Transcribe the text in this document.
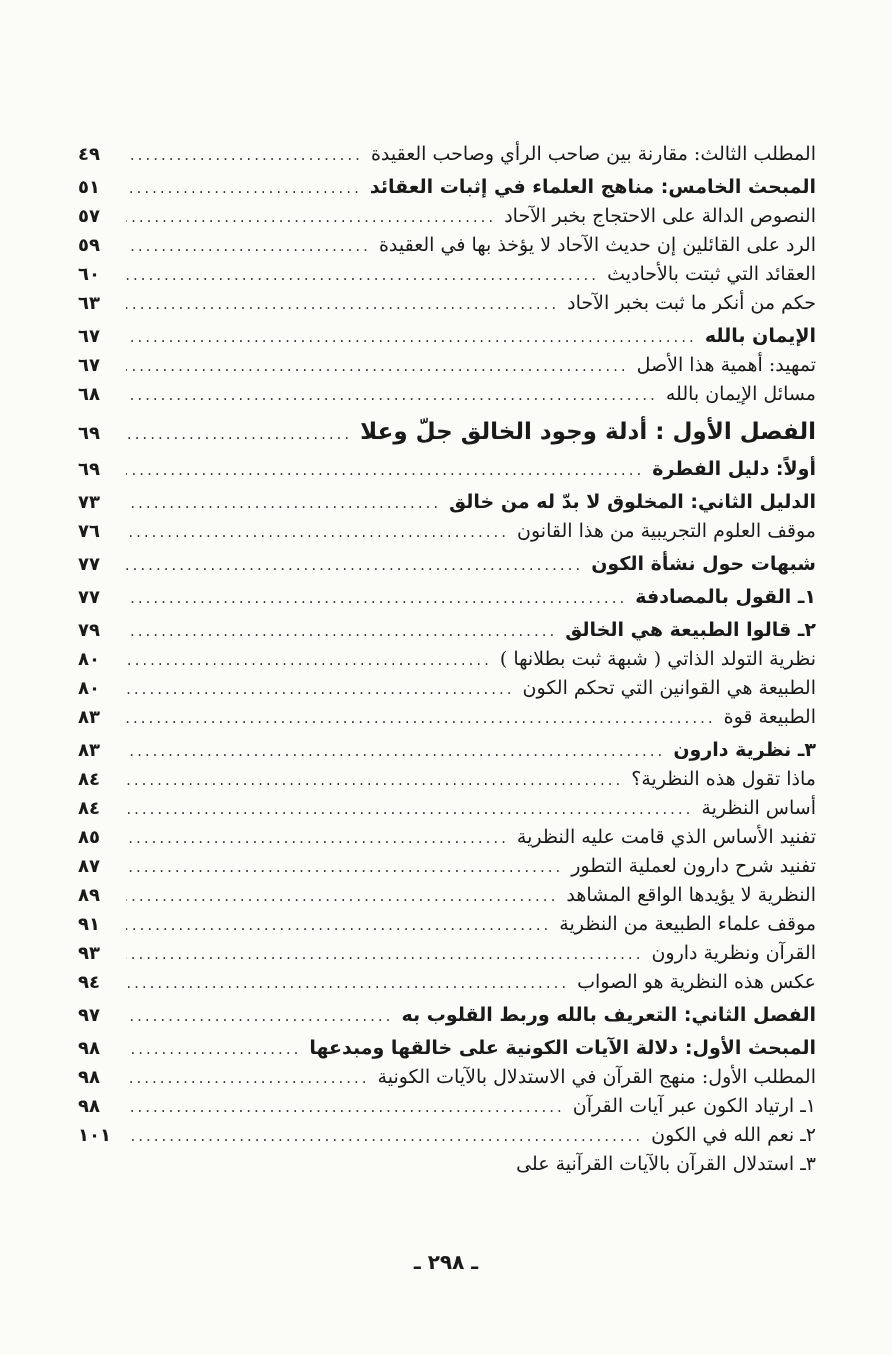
المطلب الثالث: مقارنة بين صاحب الرأي وصاحب العقيدة
.....
٤٩
المبحث الخامس: مناهج العلماء في إثبات العقائد
.....
٥١
النصوص الدالة على الاحتجاج بخبر الآحاد
.....
٥٧
الرد على القائلين إن حديث الآحاد لا يؤخذ بها في العقيدة
.....
٥٩
العقائد التي ثبتت بالأحاديث
.....
٦٠
حكم من أنكر ما ثبت بخبر الآحاد
.....
٦٣
الإيمان بالله
.....
٦٧
تمهيد: أهمية هذا الأصل
.....
٦٧
مسائل الإيمان بالله
.....
٦٨
الفصل الأول : أدلة وجود الخالق جلّ وعلا
.....
٦٩
أولاً: دليل الفطرة
.....
٦٩
الدليل الثاني: المخلوق لا بدّ له من خالق
.....
٧٣
موقف العلوم التجريبية من هذا القانون
.....
٧٦
شبهات حول نشأة الكون
.....
٧٧
١ـ القول بالمصادفة
.....
٧٧
٢ـ قالوا الطبيعة هي الخالق
.....
٧٩
نظرية التولد الذاتي ( شبهة ثبت بطلانها )
.....
٨٠
الطبيعة هي القوانين التي تحكم الكون
.....
٨٠
الطبيعة قوة
.....
٨٣
٣ـ نظرية دارون
.....
٨٣
ماذا تقول هذه النظرية؟
.....
٨٤
أساس النظرية
.....
٨٤
تفنيد الأساس الذي قامت عليه النظرية
.....
٨٥
تفنيد شرح دارون لعملية التطور
.....
٨٧
النظرية لا يؤيدها الواقع المشاهد
.....
٨٩
موقف علماء الطبيعة من النظرية
.....
٩١
القرآن ونظرية دارون
.....
٩٣
عكس هذه النظرية هو الصواب
.....
٩٤
الفصل الثاني: التعريف بالله وربط القلوب به
.....
٩٧
المبحث الأول: دلالة الآيات الكونية على خالقها ومبدعها
.....
٩٨
المطلب الأول: منهج القرآن في الاستدلال بالآيات الكونية
.....
٩٨
١ـ ارتياد الكون عبر آيات القرآن
.....
٩٨
٢ـ نعم الله في الكون
.....
١٠١
٣ـ استدلال القرآن بالآيات القرآنية على
ـ ٢٩٨ ـ
